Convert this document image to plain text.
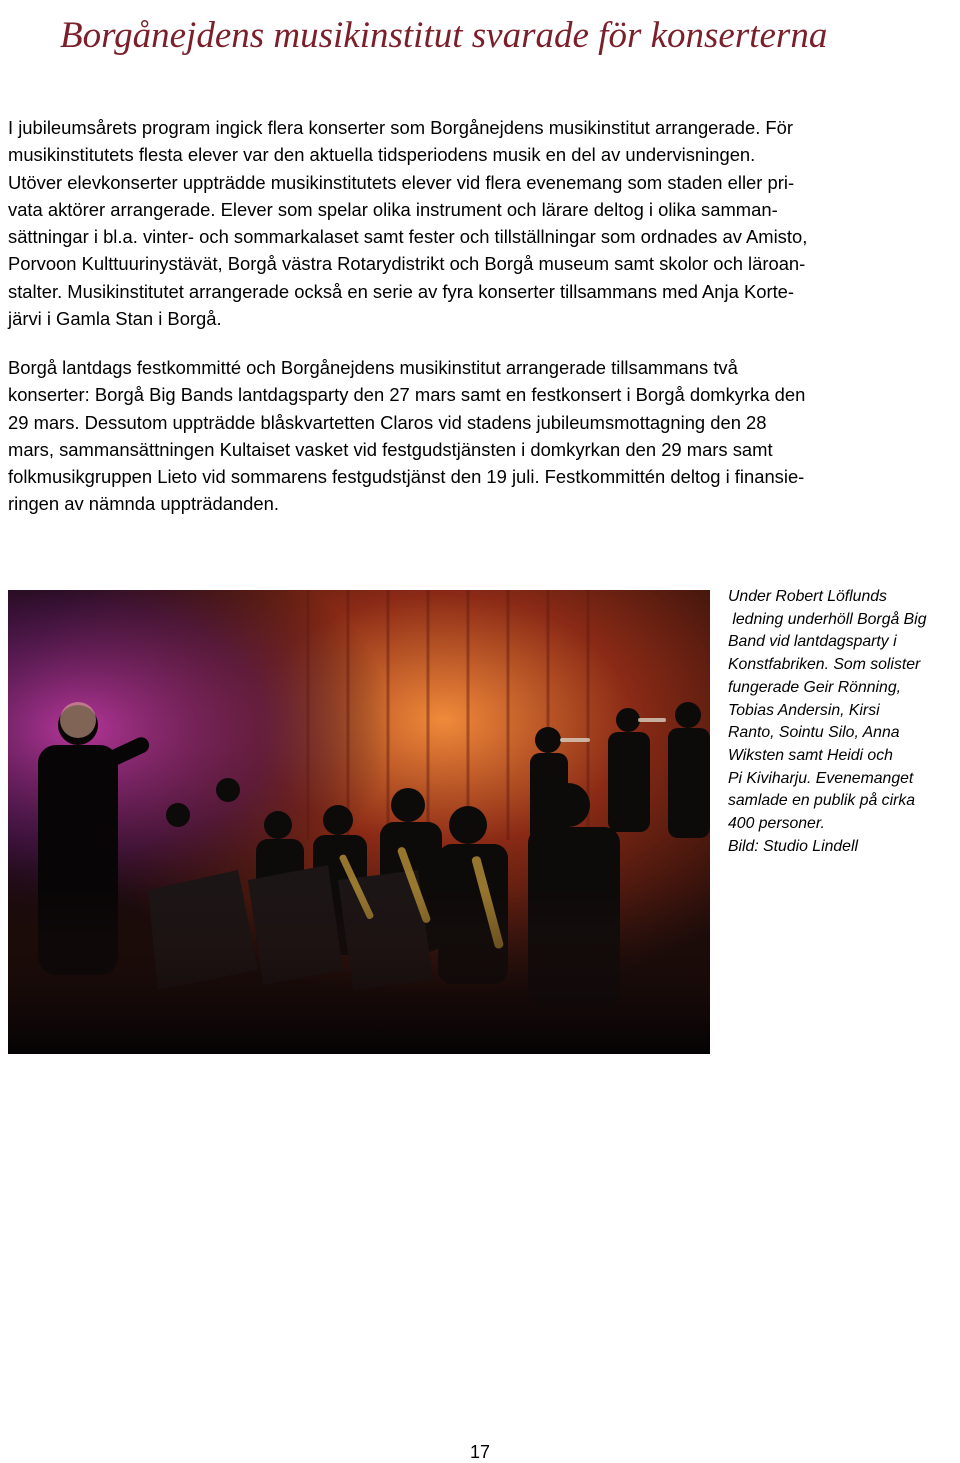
Borgånejdens musikinstitut svarade för konserterna
I jubileumsårets program ingick flera konserter som Borgånejdens musikinstitut arrangerade. För
musikinstitutets flesta elever var den aktuella tidsperiodens musik en del av undervisningen.
Utöver elevkonserter uppträdde musikinstitutets elever vid flera evenemang som staden eller pri-
vata aktörer arrangerade. Elever som spelar olika instrument och lärare deltog i olika samman-
sättningar i bl.a. vinter- och sommarkalaset samt fester och tillställningar som ordnades av Amisto,
Porvoon Kulttuurinystävät, Borgå västra Rotarydistrikt och Borgå museum samt skolor och läroan-
stalter. Musikinstitutet arrangerade också en serie av fyra konserter tillsammans med Anja Korte-
järvi i Gamla Stan i Borgå.
Borgå lantdags festkommitté och Borgånejdens musikinstitut arrangerade tillsammans två
konserter: Borgå Big Bands lantdagsparty den 27 mars samt en festkonsert i Borgå domkyrka den
29 mars. Dessutom uppträdde blåskvartetten Claros vid stadens jubileumsmottagning den 28
mars, sammansättningen Kultaiset vasket vid festgudstjänsten i domkyrkan den 29 mars samt
folkmusikgruppen Lieto vid sommarens festgudstjänst den 19 juli. Festkommittén deltog i finansie-
ringen av nämnda uppträdanden.
Under Robert Löflunds
ledning underhöll Borgå Big
Band vid lantdagsparty i
Konstfabriken. Som solister
fungerade Geir Rönning,
Tobias Andersin, Kirsi
Ranto, Sointu Silo, Anna
Wiksten samt Heidi och
Pi Kiviharju. Evenemanget
samlade en publik på cirka
400 personer.
Bild: Studio Lindell
17
